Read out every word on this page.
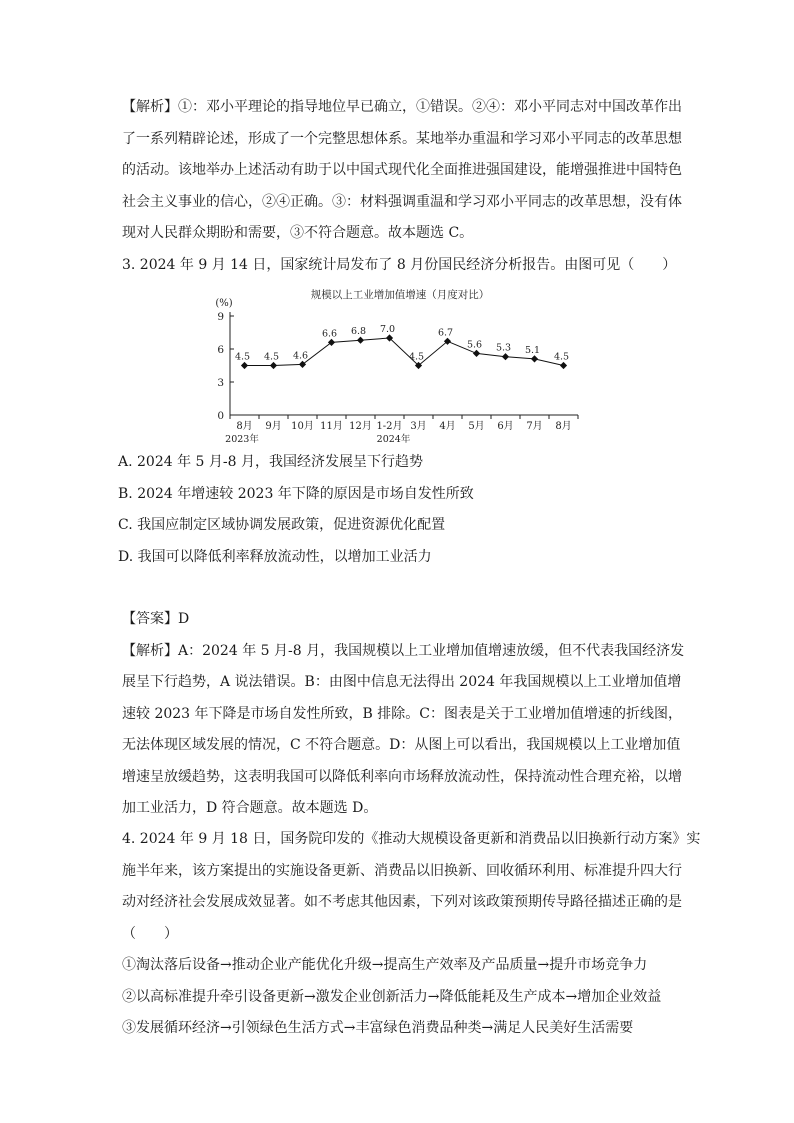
【解析】①：邓小平理论的指导地位早已确立，①错误。②④：邓小平同志对中国改革作出
了一系列精辟论述，形成了一个完整思想体系。某地举办重温和学习邓小平同志的改革思想
的活动。该地举办上述活动有助于以中国式现代化全面推进强国建设，能增强推进中国特色
社会主义事业的信心，②④正确。③：材料强调重温和学习邓小平同志的改革思想，没有体
现对人民群众期盼和需要，③不符合题意。故本题选 C。
3. 2024 年 9 月 14 日，国家统计局发布了 8 月份国民经济分析报告。由图可见（　　）
规模以上工业增加值增速（月度对比）
(%)
0
3
6
9
8月 9月 10月 11月 12月 1-2月 3月 4月 5月 6月 7月 8月
4.5 4.5 4.6
6.6 6.8 7.0
4.5
6.7
5.6 5.3 5.1
4.5
2023年	2024年
A. 2024 年 5 月-8 月，我国经济发展呈下行趋势
B. 2024 年增速较 2023 年下降的原因是市场自发性所致
C. 我国应制定区域协调发展政策，促进资源优化配置
D. 我国可以降低利率释放流动性，以增加工业活力
【答案】D
【解析】A：2024 年 5 月-8 月，我国规模以上工业增加值增速放缓，但不代表我国经济发
展呈下行趋势，A 说法错误。B：由图中信息无法得出 2024 年我国规模以上工业增加值增
速较 2023 年下降是市场自发性所致，B 排除。C：图表是关于工业增加值增速的折线图，
无法体现区域发展的情况，C 不符合题意。D：从图上可以看出，我国规模以上工业增加值
增速呈放缓趋势，这表明我国可以降低利率向市场释放流动性，保持流动性合理充裕，以增
加工业活力，D 符合题意。故本题选 D。
4. 2024 年 9 月 18 日，国务院印发的《推动大规模设备更新和消费品以旧换新行动方案》实
施半年来，该方案提出的实施设备更新、消费品以旧换新、回收循环利用、标准提升四大行
动对经济社会发展成效显著。如不考虑其他因素，下列对该政策预期传导路径描述正确的是
（　　）
①淘汰落后设备→推动企业产能优化升级→提高生产效率及产品质量→提升市场竞争力
②以高标准提升牵引设备更新→激发企业创新活力→降低能耗及生产成本→增加企业效益
③发展循环经济→引领绿色生活方式→丰富绿色消费品种类→满足人民美好生活需要
